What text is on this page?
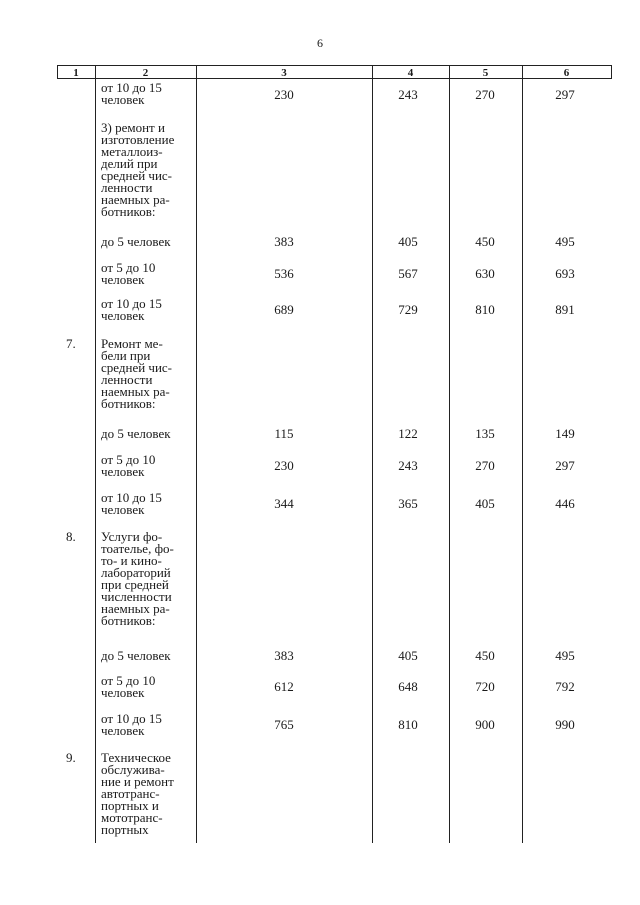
6
1	2	3	4	5	6
от 10 до 15
человек	230	243	270	297
3) ремонт и
изготовление
металлоиз-
делий при
средней чис-
ленности
наемных ра-
ботников:
до 5 человек	383	405	450	495
от 5 до 10
человек	536	567	630	693
от 10 до 15
человек	689	729	810	891
7. Ремонт ме-
бели при
средней чис-
ленности
наемных ра-
ботников:
до 5 человек	115	122	135	149
от 5 до 10
человек	230	243	270	297
от 10 до 15
человек	344	365	405	446
8. Услуги фо-
тоателье, фо-
то- и кино-
лабораторий
при средней
численности
наемных ра-
ботников:
до 5 человек	383	405	450	495
от 5 до 10
человек	612	648	720	792
от 10 до 15
человек	765	810	900	990
9. Техническое
обслужива-
ние и ремонт
автотранс-
портных и
мототранс-
портных
